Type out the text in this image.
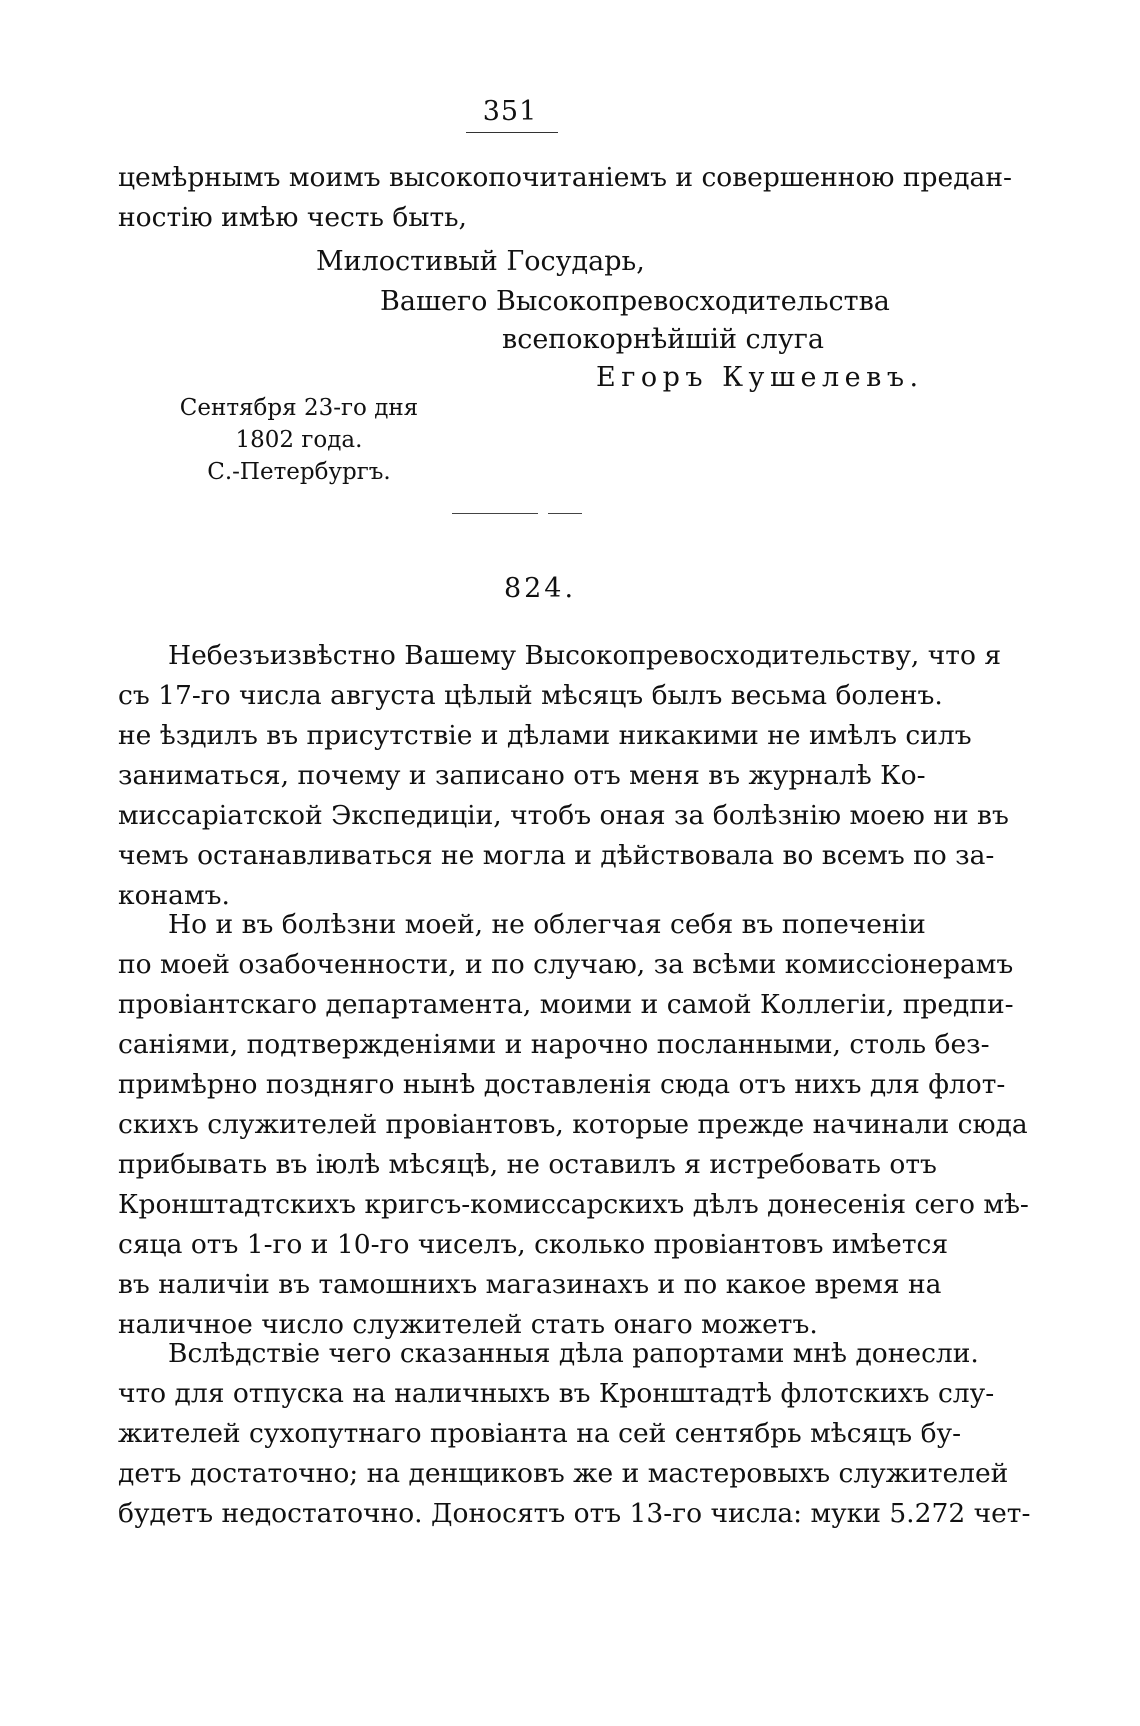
351
цемѣрнымъ моимъ высокопочитаніемъ и совершенною предан-
ностію имѣю честь быть,
Милостивый Государь,
Вашего Высокопревосходительства
всепокорнѣйшій слуга
Егоръ Кушелевъ.
Сентября 23-го дня
1802 года.
С.-Петербургъ.
824.
Небезъизвѣстно Вашему Высокопревосходительству, что я
съ 17-го числа августа цѣлый мѣсяцъ былъ весьма боленъ.
не ѣздилъ въ присутствіе и дѣлами никакими не имѣлъ силъ
заниматься, почему и записано отъ меня въ журналѣ Ко-
миссаріатской Экспедиціи, чтобъ оная за болѣзнію моею ни въ
чемъ останавливаться не могла и дѣйствовала во всемъ по за-
конамъ.
Но и въ болѣзни моей, не облегчая себя въ попеченіи
по моей озабоченности, и по случаю, за всѣми комиссіонерамъ
провіантскаго департамента, моими и самой Коллегіи, предпи-
саніями, подтвержденіями и нарочно посланными, столь без-
примѣрно поздняго нынѣ доставленія сюда отъ нихъ для флот-
скихъ служителей провіантовъ, которые прежде начинали сюда
прибывать въ іюлѣ мѣсяцѣ, не оставилъ я истребовать отъ
Кронштадтскихъ кригсъ-комиссарскихъ дѣлъ донесенія сего мѣ-
сяца отъ 1-го и 10-го чиселъ, сколько провіантовъ имѣется
въ наличіи въ тамошнихъ магазинахъ и по какое время на
наличное число служителей стать онаго можетъ.
Вслѣдствіе чего сказанныя дѣла рапортами мнѣ донесли.
что для отпуска на наличныхъ въ Кронштадтѣ флотскихъ слу-
жителей сухопутнаго провіанта на сей сентябрь мѣсяцъ бу-
детъ достаточно; на денщиковъ же и мастеровыхъ служителей
будетъ недостаточно. Доносятъ отъ 13-го числа: муки 5.272 чет-
